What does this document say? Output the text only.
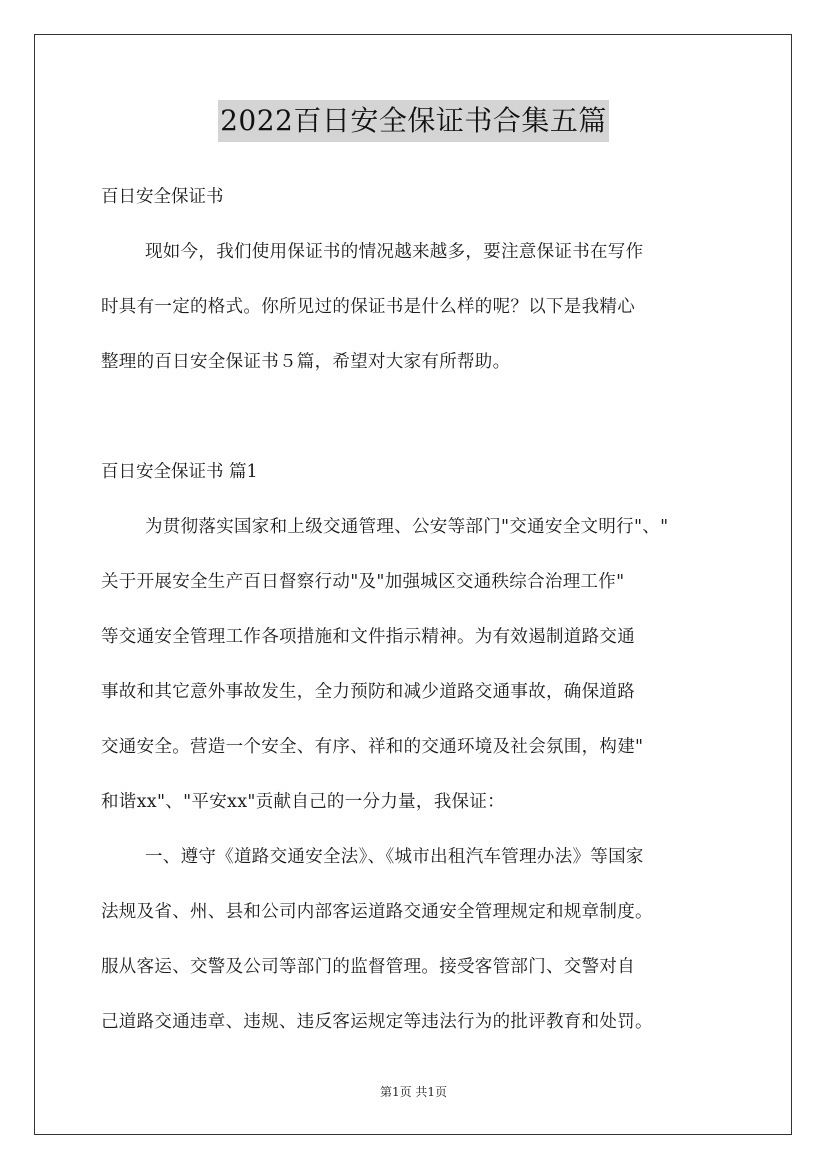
2022百日安全保证书合集五篇
百日安全保证书
现如今，我们使用保证书的情况越来越多，要注意保证书在写作
时具有一定的格式。你所见过的保证书是什么样的呢？以下是我精心
整理的百日安全保证书５篇，希望对大家有所帮助。
百日安全保证书 篇1
为贯彻落实国家和上级交通管理、公安等部门"交通安全文明行"、"
关于开展安全生产百日督察行动"及"加强城区交通秩综合治理工作"
等交通安全管理工作各项措施和文件指示精神。为有效遏制道路交通
事故和其它意外事故发生，全力预防和减少道路交通事故，确保道路
交通安全。营造一个安全、有序、祥和的交通环境及社会氛围，构建"
和谐xx"、"平安xx"贡献自己的一分力量，我保证：
一、遵守《道路交通安全法》、《城市出租汽车管理办法》等国家
法规及省、州、县和公司内部客运道路交通安全管理规定和规章制度。
服从客运、交警及公司等部门的监督管理。接受客管部门、交警对自
己道路交通违章、违规、违反客运规定等违法行为的批评教育和处罚。
第1页 共1页
